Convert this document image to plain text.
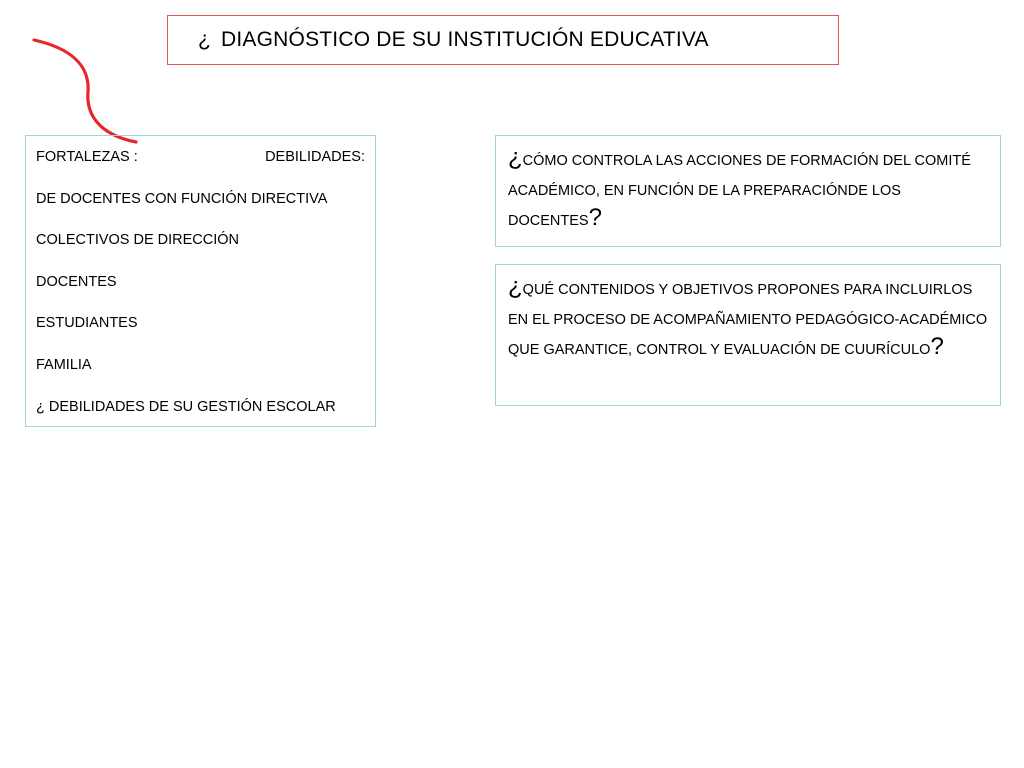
¿ DIAGNÓSTICO DE SU INSTITUCIÓN EDUCATIVA
FORTALEZAS :	DEBILIDADES:
DE DOCENTES CON FUNCIÓN DIRECTIVA
COLECTIVOS DE DIRECCIÓN
DOCENTES
ESTUDIANTES
FAMILIA
¿ DEBILIDADES DE SU GESTIÓN ESCOLAR

¿CÓMO CONTROLA LAS ACCIONES DE FORMACIÓN DEL COMITÉ ACADÉMICO, EN FUNCIÓN DE LA PREPARACIÓNDE LOS DOCENTES?

¿QUÉ CONTENIDOS Y OBJETIVOS PROPONES PARA INCLUIRLOS EN EL PROCESO DE ACOMPAÑAMIENTO PEDAGÓGICO-ACADÉMICO QUE GARANTICE, CONTROL Y EVALUACIÓN DE CUURÍCULO?
